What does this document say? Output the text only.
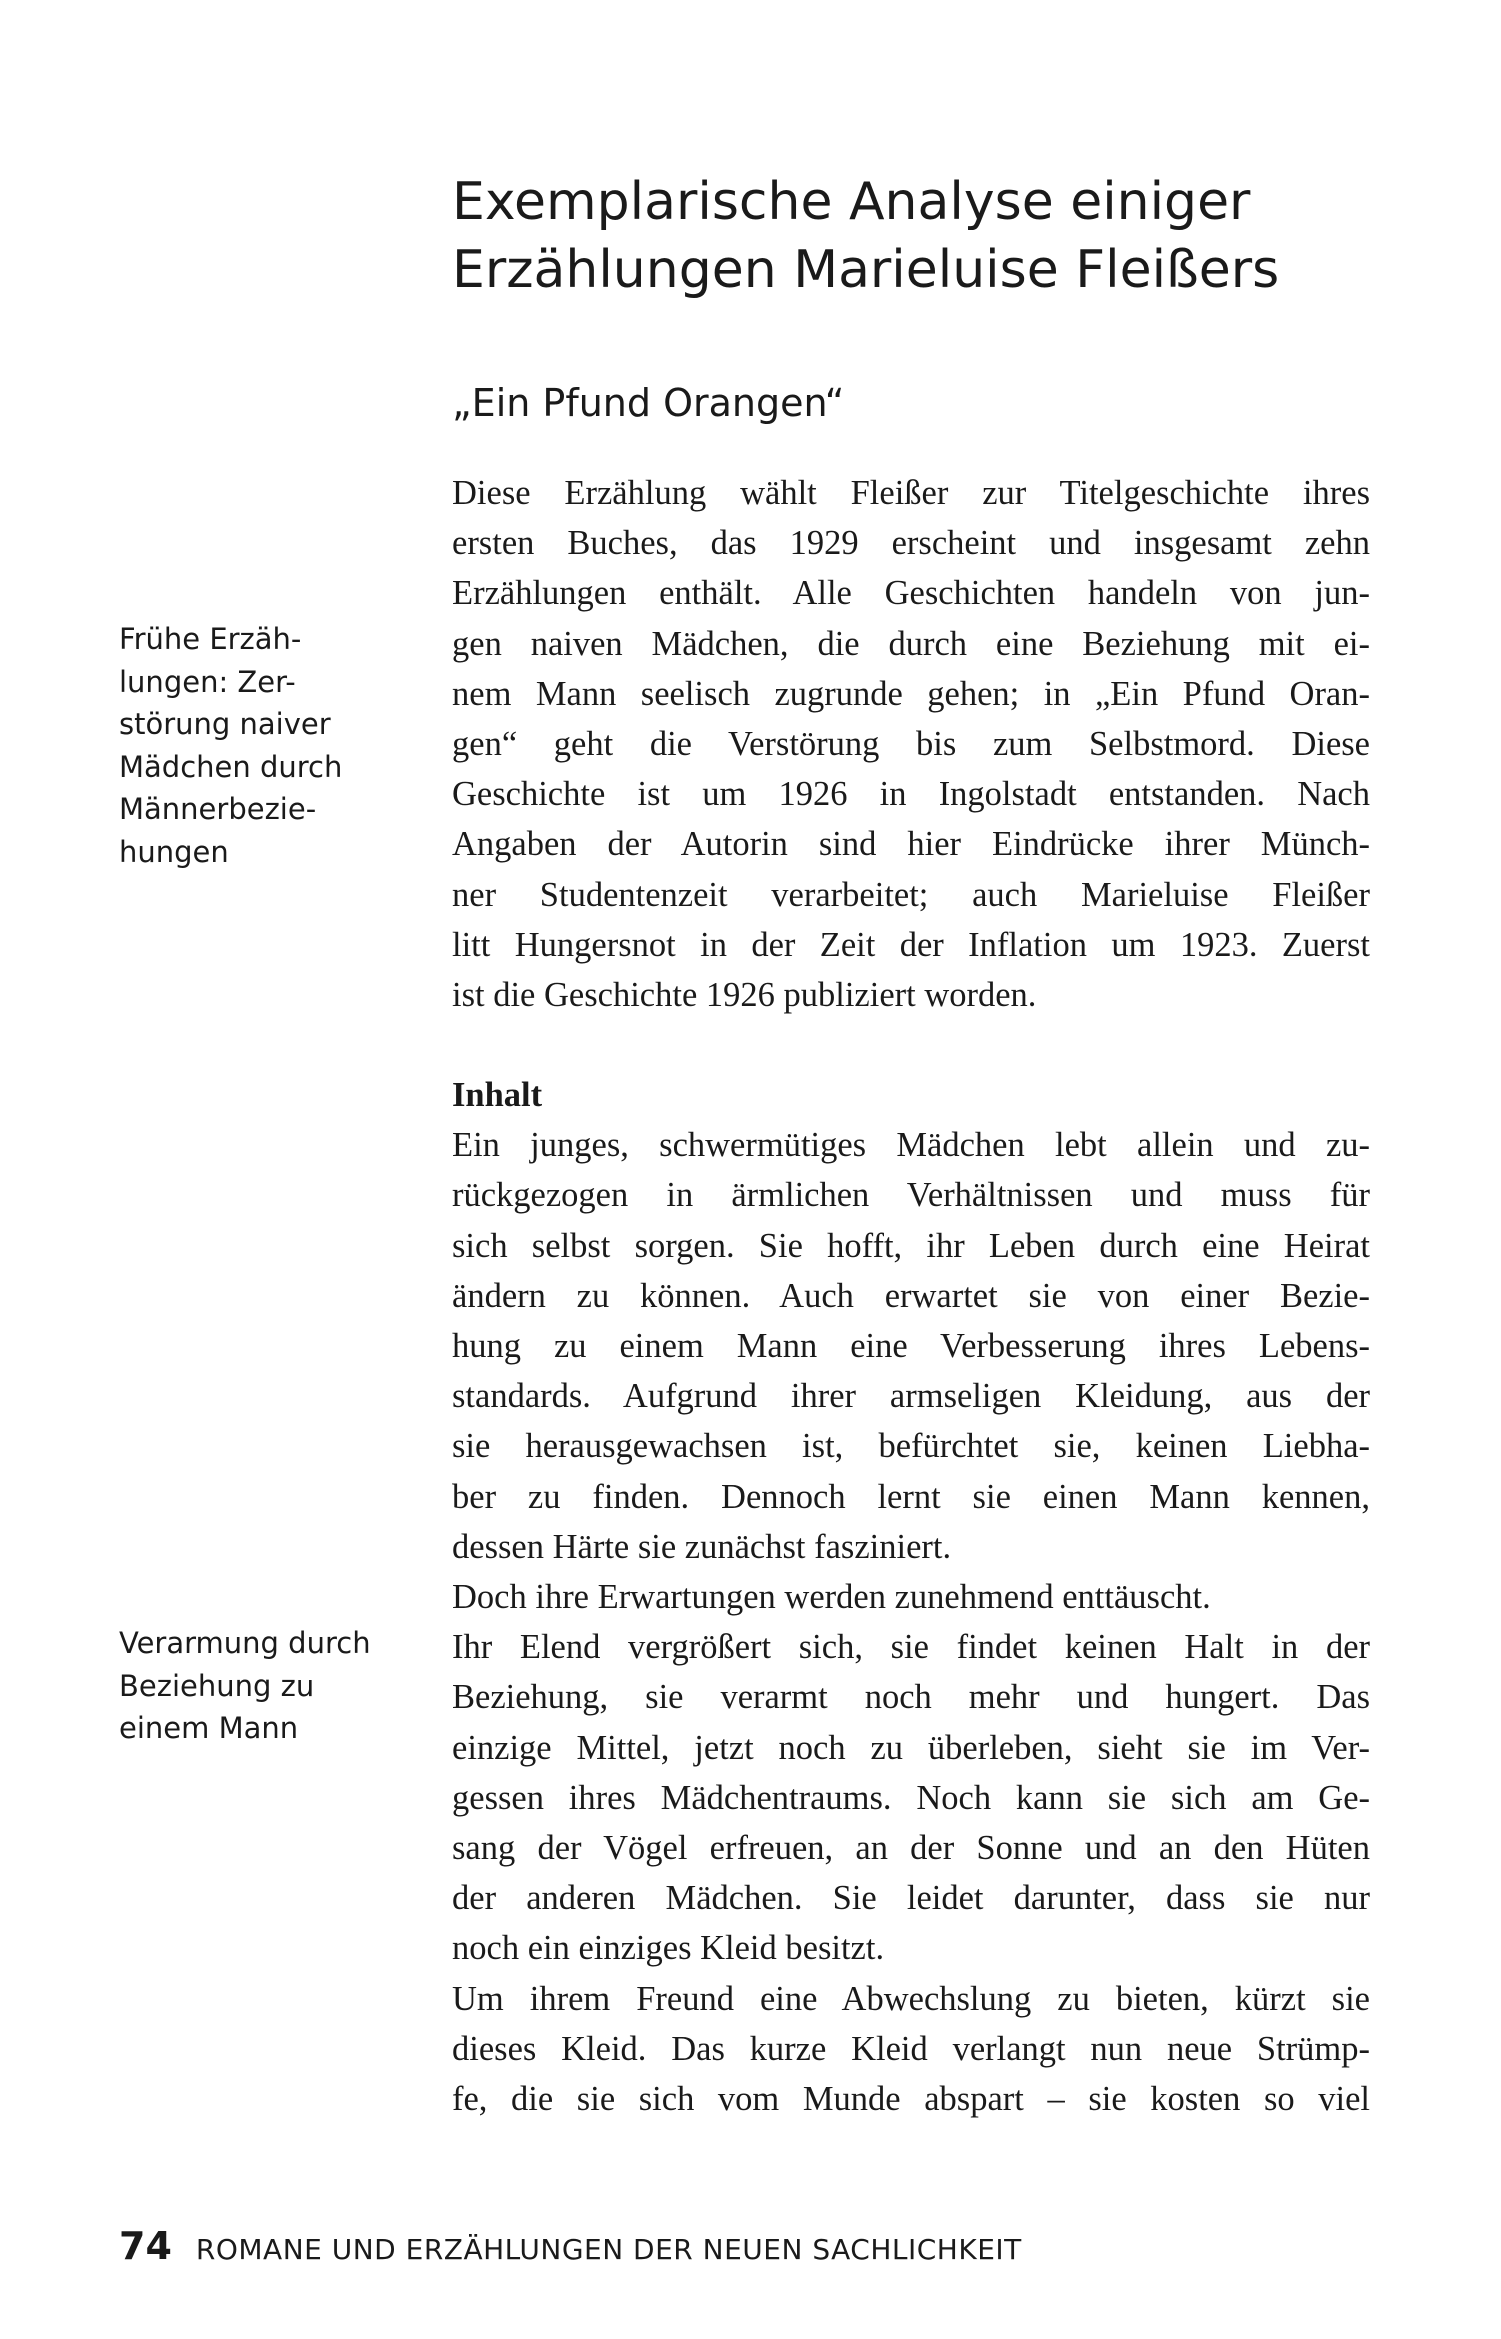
Exemplarische Analyse einiger
Erzählungen Marieluise Fleißers
„Ein Pfund Orangen“
Diese Erzählung wählt Fleißer zur Titelgeschichte ihres
ersten Buches, das 1929 erscheint und insgesamt zehn
Erzählungen enthält. Alle Geschichten handeln von jun-
gen naiven Mädchen, die durch eine Beziehung mit ei-
nem Mann seelisch zugrunde gehen; in „Ein Pfund Oran-
gen“ geht die Verstörung bis zum Selbstmord. Diese
Geschichte ist um 1926 in Ingolstadt entstanden. Nach
Angaben der Autorin sind hier Eindrücke ihrer Münch-
ner Studentenzeit verarbeitet; auch Marieluise Fleißer
litt Hungersnot in der Zeit der Inflation um 1923. Zuerst
ist die Geschichte 1926 publiziert worden.
Inhalt
Ein junges, schwermütiges Mädchen lebt allein und zu-
rückgezogen in ärmlichen Verhältnissen und muss für
sich selbst sorgen. Sie hofft, ihr Leben durch eine Heirat
ändern zu können. Auch erwartet sie von einer Bezie-
hung zu einem Mann eine Verbesserung ihres Lebens-
standards. Aufgrund ihrer armseligen Kleidung, aus der
sie herausgewachsen ist, befürchtet sie, keinen Liebha-
ber zu finden. Dennoch lernt sie einen Mann kennen,
dessen Härte sie zunächst fasziniert.
Doch ihre Erwartungen werden zunehmend enttäuscht.
Ihr Elend vergrößert sich, sie findet keinen Halt in der
Beziehung, sie verarmt noch mehr und hungert. Das
einzige Mittel, jetzt noch zu überleben, sieht sie im Ver-
gessen ihres Mädchentraums. Noch kann sie sich am Ge-
sang der Vögel erfreuen, an der Sonne und an den Hüten
der anderen Mädchen. Sie leidet darunter, dass sie nur
noch ein einziges Kleid besitzt.
Um ihrem Freund eine Abwechslung zu bieten, kürzt sie
dieses Kleid. Das kurze Kleid verlangt nun neue Strümp-
fe, die sie sich vom Munde abspart – sie kosten so viel
Frühe Erzäh-
lungen: Zer-
störung naiver
Mädchen durch
Männerbezie-
hungen
Verarmung durch
Beziehung zu
einem Mann
74 ROMANE UND ERZÄHLUNGEN DER NEUEN SACHLICHKEIT
